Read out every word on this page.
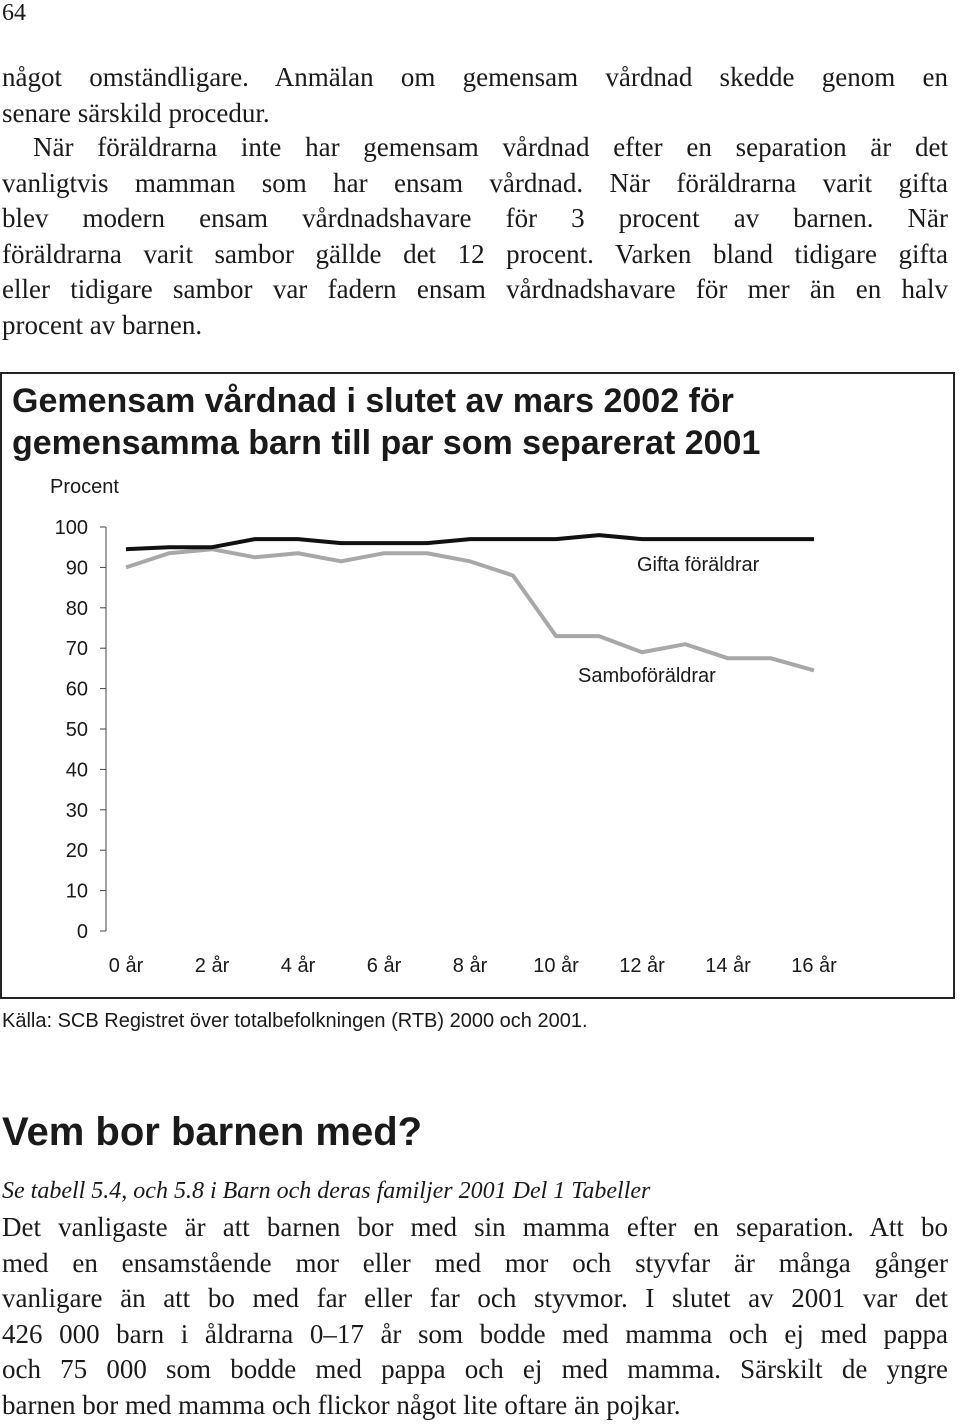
64

något omständligare. Anmälan om gemensam vårdnad skedde genom en
senare särskild procedur.

När föräldrarna inte har gemensam vårdnad efter en separation är det
vanligtvis mamman som har ensam vårdnad. När föräldrarna varit gifta
blev modern ensam vårdnadshavare för 3 procent av barnen. När
föräldrarna varit sambor gällde det 12 procent. Varken bland tidigare gifta
eller tidigare sambor var fadern ensam vårdnadshavare för mer än en halv
procent av barnen.

Gemensam vårdnad i slutet av mars 2002 för
gemensamma barn till par som separerat 2001
Procent
100
90
80
70
60
50
40
30
20
10
0
0 år	2 år	4 år	6 år	8 år 10 år 12 år 14 år 16 år
Gifta föräldrar
Samboföräldrar
Källa: SCB Registret över totalbefolkningen (RTB) 2000 och 2001.
Vem bor barnen med?
Se tabell 5.4, och 5.8 i Barn och deras familjer 2001 Del 1 Tabeller

Det vanligaste är att barnen bor med sin mamma efter en separation. Att bo
med en ensamstående mor eller med mor och styvfar är många gånger
vanligare än att bo med far eller far och styvmor. I slutet av 2001 var det
426 000 barn i åldrarna 0–17 år som bodde med mamma och ej med pappa
och 75 000 som bodde med pappa och ej med mamma. Särskilt de yngre
barnen bor med mamma och flickor något lite oftare än pojkar.
